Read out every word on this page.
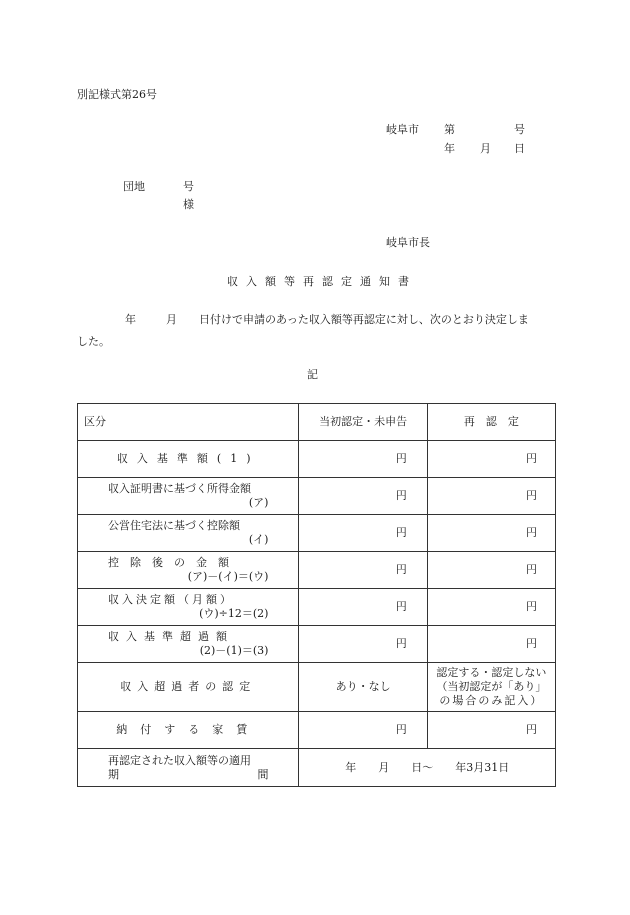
別記様式第26号
岐阜市 第	号
年 月 日
団地	号
様
岐阜市長
収入額等再認定通知書
年	月 日付けで申請のあった収入額等再認定に対し、次のとおり決定しま
した。
記
区分	当初認定・未申告	再　認　定
収入基準額(1)	円	円

収入証明書に基づく所得金額
(ア)	円	円

公営住宅法に基づく控除額
(イ)	円	円

控　除　後　の　金　額
(ア)－(イ)＝(ウ)	円	円

収入決定額（月額）
(ウ)÷12＝(2)	円	円

収入基準超過額
(2)－(1)＝(3)	円	円
収入超過者の認定	あり・なし	認定する・認定しない
（当初認定が「あり」
の場合のみ記入）

納付する家賃	円	円

再認定された収入額等の適用
期 間	年　　月　　日～　　年3月31日	
